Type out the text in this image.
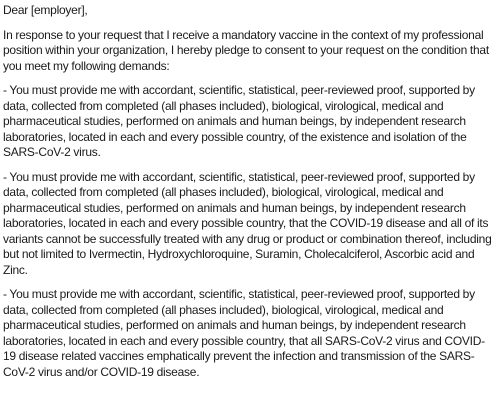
Dear [employer],

In response to your request that I receive a mandatory vaccine in the context of my professional position within your organization, I hereby pledge to consent to your request on the condition that you meet my following demands:

- You must provide me with accordant, scientific, statistical, peer-reviewed proof, supported by data, collected from completed (all phases included), biological, virological, medical and pharmaceutical studies, performed on animals and human beings, by independent research laboratories, located in each and every possible country, of the existence and isolation of the SARS-CoV-2 virus.

- You must provide me with accordant, scientific, statistical, peer-reviewed proof, supported by data, collected from completed (all phases included), biological, virological, medical and pharmaceutical studies, performed on animals and human beings, by independent research laboratories, located in each and every possible country, that the COVID-19 disease and all of its variants cannot be successfully treated with any drug or product or combination thereof, including but not limited to Ivermectin, Hydroxychloroquine, Suramin, Cholecalciferol, Ascorbic acid and Zinc.

- You must provide me with accordant, scientific, statistical, peer-reviewed proof, supported by data, collected from completed (all phases included), biological, virological, medical and pharmaceutical studies, performed on animals and human beings, by independent research laboratories, located in each and every possible country, that all SARS-CoV-2 virus and COVID-19 disease related vaccines emphatically prevent the infection and transmission of the SARS-CoV-2 virus and/or COVID-19 disease.
